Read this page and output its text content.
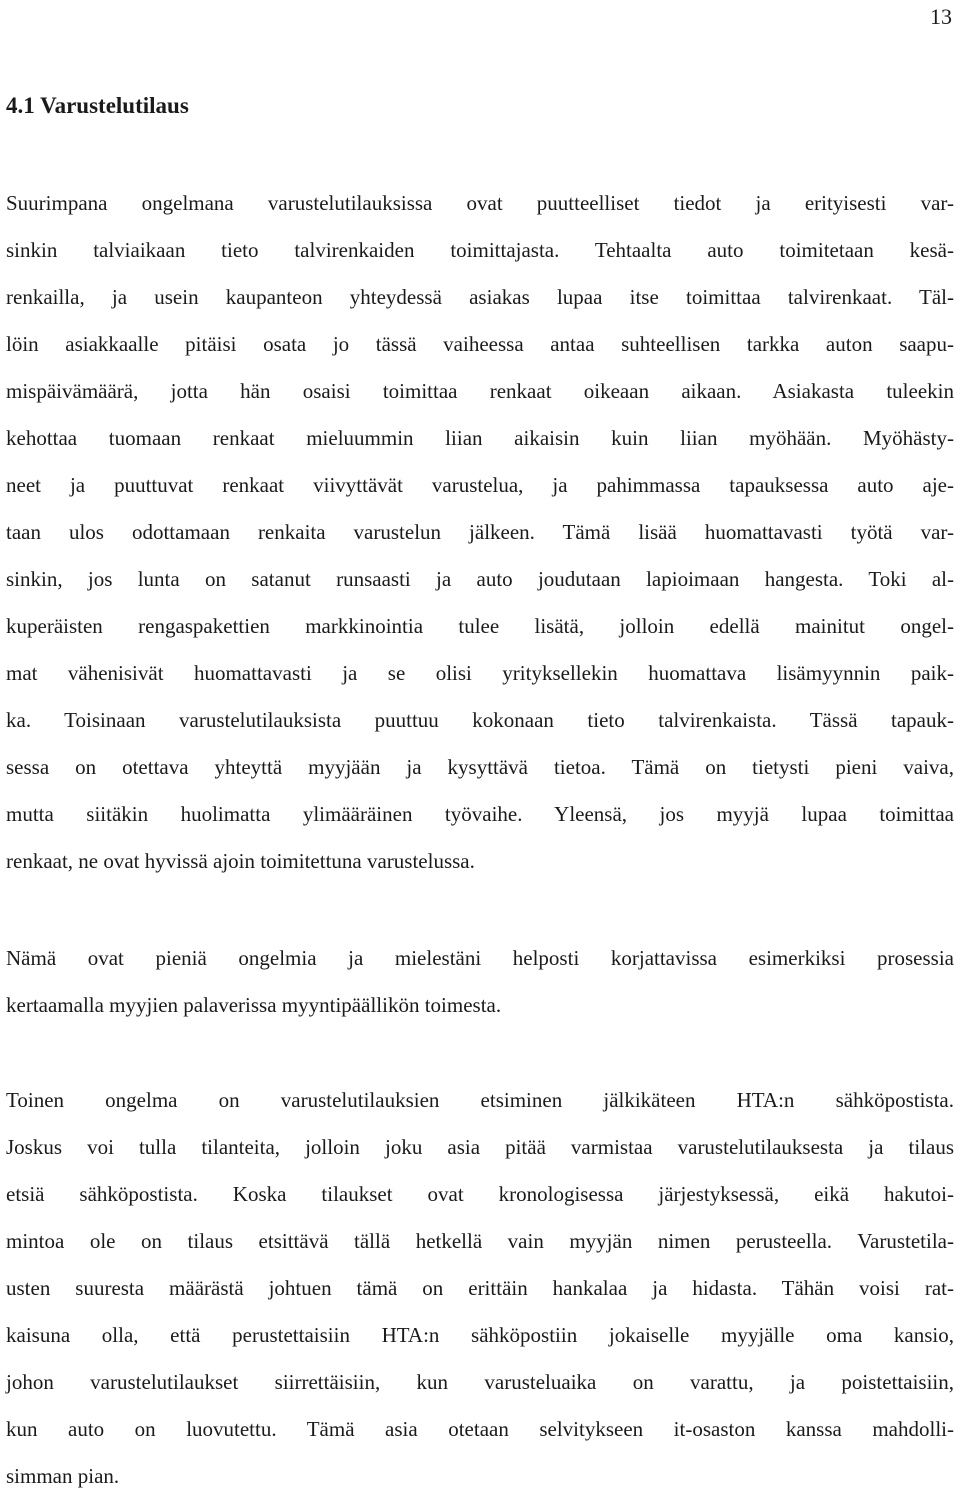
13
4.1 Varustelutilaus
Suurimpana ongelmana varustelutilauksissa ovat puutteelliset tiedot ja erityisesti var-
sinkin talviaikaan tieto talvirenkaiden toimittajasta. Tehtaalta auto toimitetaan kesä-
renkailla, ja usein kaupanteon yhteydessä asiakas lupaa itse toimittaa talvirenkaat. Täl-
löin asiakkaalle pitäisi osata jo tässä vaiheessa antaa suhteellisen tarkka auton saapu-
mispäivämäärä, jotta hän osaisi toimittaa renkaat oikeaan aikaan. Asiakasta tuleekin
kehottaa tuomaan renkaat mieluummin liian aikaisin kuin liian myöhään. Myöhästy-
neet ja puuttuvat renkaat viivyttävät varustelua, ja pahimmassa tapauksessa auto aje-
taan ulos odottamaan renkaita varustelun jälkeen. Tämä lisää huomattavasti työtä var-
sinkin, jos lunta on satanut runsaasti ja auto joudutaan lapioimaan hangesta. Toki al-
kuperäisten rengaspakettien markkinointia tulee lisätä, jolloin edellä mainitut ongel-
mat vähenisivät huomattavasti ja se olisi yrityksellekin huomattava lisämyynnin paik-
ka. Toisinaan varustelutilauksista puuttuu kokonaan tieto talvirenkaista. Tässä tapauk-
sessa on otettava yhteyttä myyjään ja kysyttävä tietoa. Tämä on tietysti pieni vaiva,
mutta siitäkin huolimatta ylimääräinen työvaihe. Yleensä, jos myyjä lupaa toimittaa
renkaat, ne ovat hyvissä ajoin toimitettuna varustelussa.
Nämä ovat pieniä ongelmia ja mielestäni helposti korjattavissa esimerkiksi prosessia
kertaamalla myyjien palaverissa myyntipäällikön toimesta.
Toinen ongelma on varustelutilauksien etsiminen jälkikäteen HTA:n sähköpostista.
Joskus voi tulla tilanteita, jolloin joku asia pitää varmistaa varustelutilauksesta ja tilaus
etsiä sähköpostista. Koska tilaukset ovat kronologisessa järjestyksessä, eikä hakutoi-
mintoa ole on tilaus etsittävä tällä hetkellä vain myyjän nimen perusteella. Varustetila-
usten suuresta määrästä johtuen tämä on erittäin hankalaa ja hidasta. Tähän voisi rat-
kaisuna olla, että perustettaisiin HTA:n sähköpostiin jokaiselle myyjälle oma kansio,
johon varustelutilaukset siirrettäisiin, kun varusteluaika on varattu, ja poistettaisiin,
kun auto on luovutettu. Tämä asia otetaan selvitykseen it-osaston kanssa mahdolli-
simman pian.
